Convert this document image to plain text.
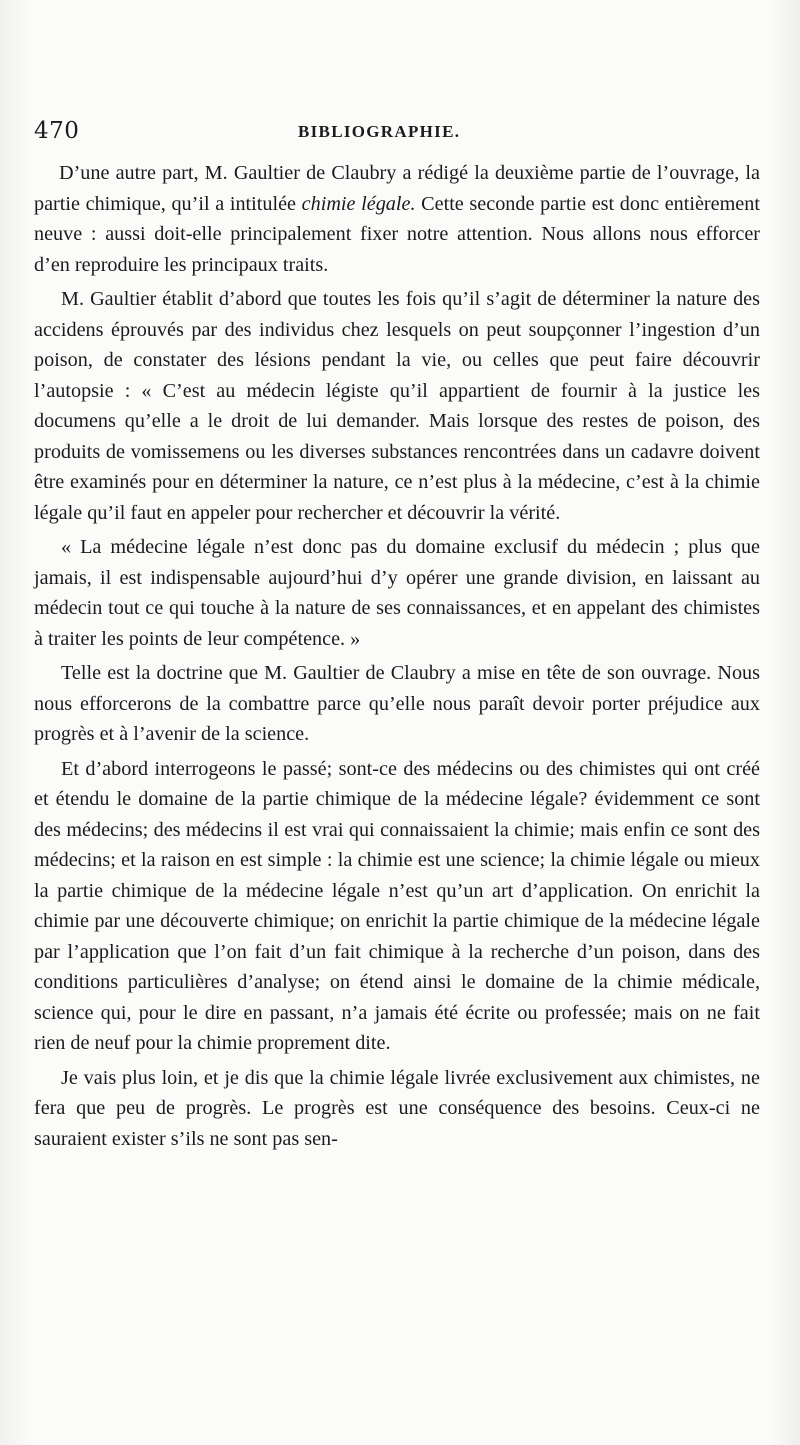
470	BIBLIOGRAPHIE.

D’une autre part, M. Gaultier de Claubry a rédigé la deuxième partie de l’ouvrage, la partie chimique, qu’il a intitulée chimie légale. Cette seconde partie est donc entièrement neuve : aussi doit-elle principalement fixer notre attention. Nous allons nous efforcer d’en reproduire les principaux traits.

M. Gaultier établit d’abord que toutes les fois qu’il s’agit de déterminer la nature des accidens éprouvés par des individus chez lesquels on peut soupçonner l’ingestion d’un poison, de constater des lésions pendant la vie, ou celles que peut faire découvrir l’autopsie : « C’est au médecin légiste qu’il appartient de fournir à la justice les documens qu’elle a le droit de lui demander. Mais lorsque des restes de poison, des produits de vomissemens ou les diverses substances rencontrées dans un cadavre doivent être examinés pour en déterminer la nature, ce n’est plus à la médecine, c’est à la chimie légale qu’il faut en appeler pour rechercher et découvrir la vérité.

« La médecine légale n’est donc pas du domaine exclusif du médecin ; plus que jamais, il est indispensable aujourd’hui d’y opérer une grande division, en laissant au médecin tout ce qui touche à la nature de ses connaissances, et en appelant des chimistes à traiter les points de leur compétence. »

Telle est la doctrine que M. Gaultier de Claubry a mise en tête de son ouvrage. Nous nous efforcerons de la combattre parce qu’elle nous paraît devoir porter préjudice aux progrès et à l’avenir de la science.

Et d’abord interrogeons le passé; sont-ce des médecins ou des chimistes qui ont créé et étendu le domaine de la partie chimique de la médecine légale? évidemment ce sont des médecins; des médecins il est vrai qui connaissaient la chimie; mais enfin ce sont des médecins; et la raison en est simple : la chimie est une science; la chimie légale ou mieux la partie chimique de la médecine légale n’est qu’un art d’application. On enrichit la chimie par une découverte chimique; on enrichit la partie chimique de la médecine légale par l’application que l’on fait d’un fait chimique à la recherche d’un poison, dans des conditions particulières d’analyse; on étend ainsi le domaine de la chimie médicale, science qui, pour le dire en passant, n’a jamais été écrite ou professée; mais on ne fait rien de neuf pour la chimie proprement dite.

Je vais plus loin, et je dis que la chimie légale livrée exclusivement aux chimistes, ne fera que peu de progrès. Le progrès est une conséquence des besoins. Ceux-ci ne sauraient exister s’ils ne sont pas sen-
